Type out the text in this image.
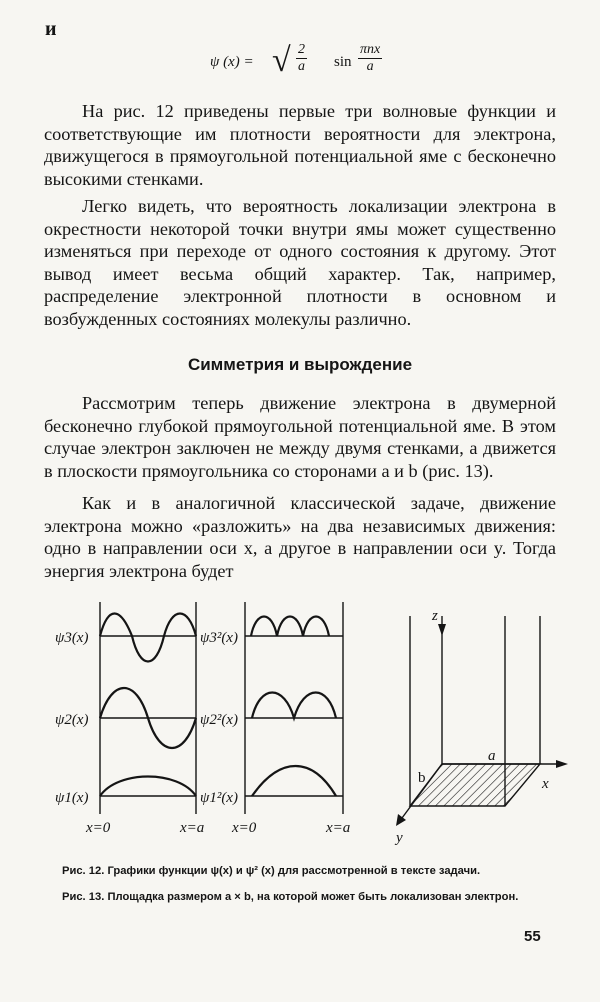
и
ψ (x) = √ $\frac{2}{a}$ sin
πnx
a

На рис. 12 приведены первые три волновые функции и соответствующие им плотности вероятности для электрона, движущегося в прямоугольной потенциальной яме с бесконечно высокими стенками.

Легко видеть, что вероятность локализации электрона в окрестности некоторой точки внутри ямы может существенно изменяться при переходе от одного состояния к другому. Этот вывод имеет весьма общий характер. Так, например, распределение электронной плотности в основном и возбужденных состояниях молекулы различно.

Симметрия и вырождение

Рассмотрим теперь движение электрона в двумерной бесконечно глубокой прямоугольной потенциальной яме. В этом случае электрон заключен не между двумя стенками, а движется в плоскости прямоугольника со сторонами a и b (рис. 13).

Как и в аналогичной классической задаче, движение электрона можно «разложить» на два независимых движения: одно в направлении оси x, а другое в направлении оси y. Тогда энергия электрона будет

ψ3(x)
ψ2(x)
ψ1(x)
ψ3²(x)
ψ2²(x)
ψ1²(x)
x=0	x=a x=0	x=a
z
x
y
a
b
Рис. 12. Графики функции ψ(x) и ψ² (x) для рассмотренной в тексте задачи.
Рис. 13. Площадка размером a × b, на которой может быть локализован электрон.
55
